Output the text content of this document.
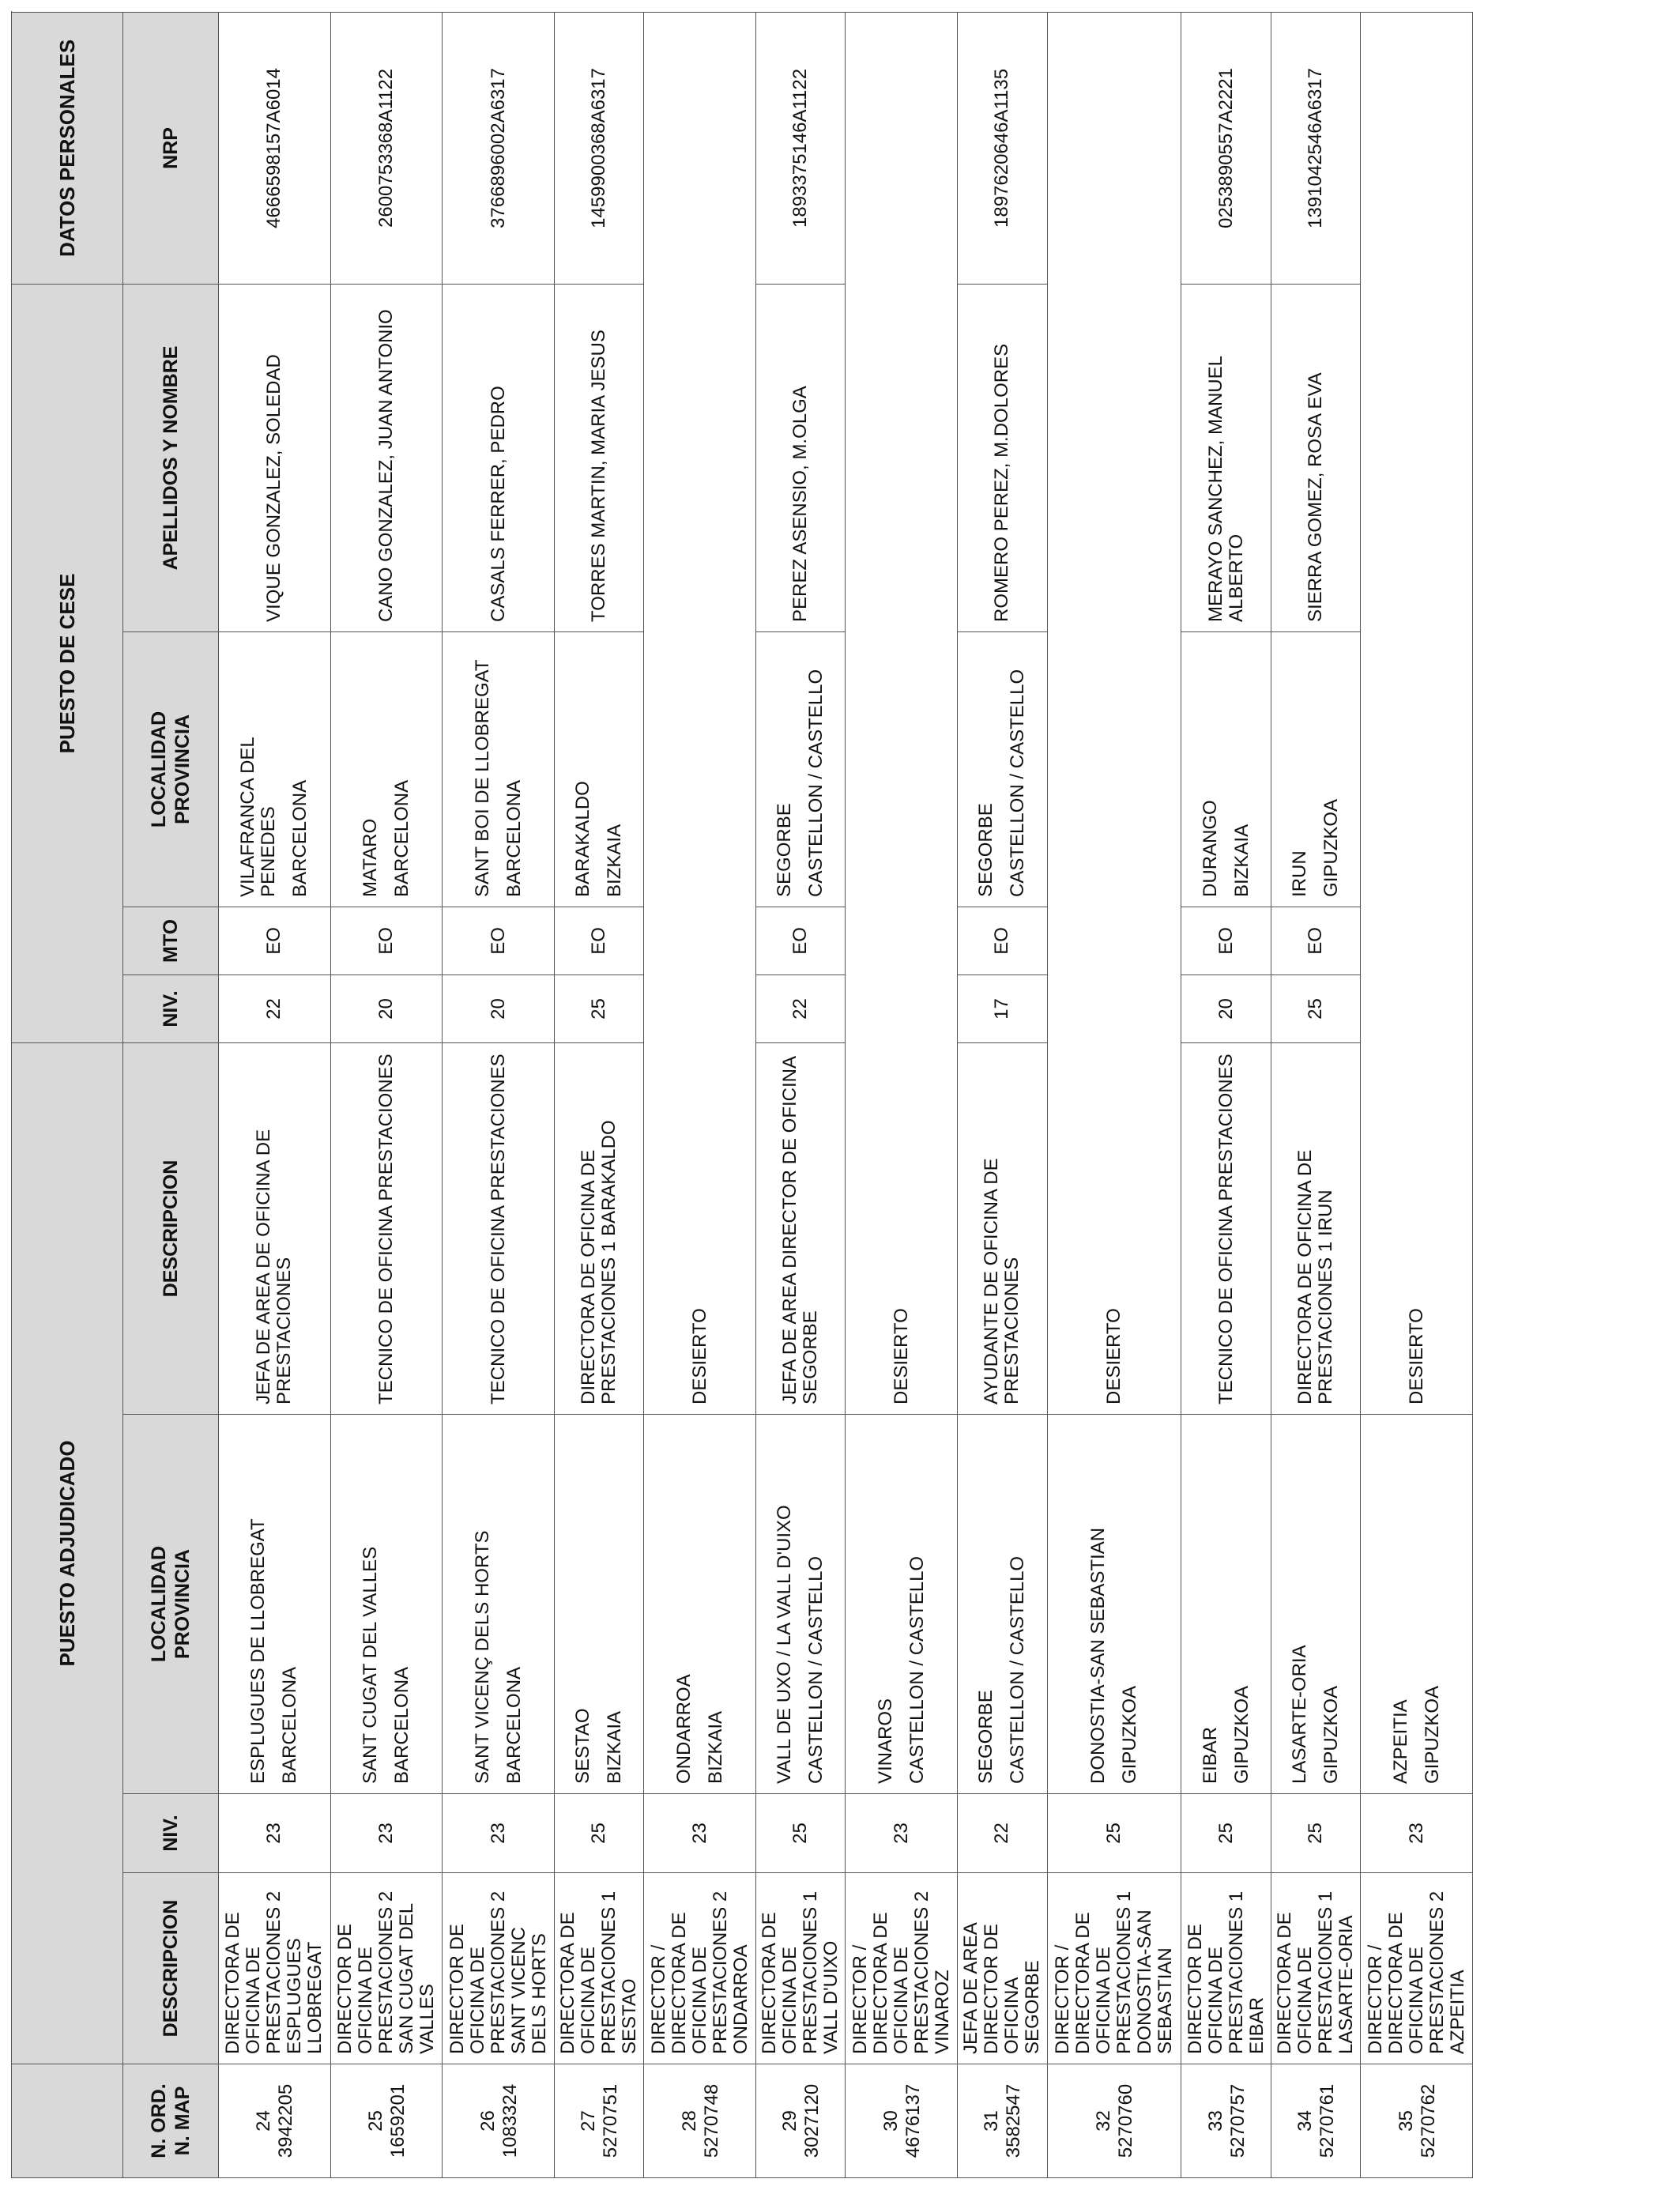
	PUESTO ADJUDICADO				PUESTO DE CESE				DATOS PERSONALES

N. ORD. N. MAP	DESCRIPCION	NIV.	LOCALIDAD PROVINCIA	DESCRIPCION	NIV.	MTO	LOCALIDAD PROVINCIA	APELLIDOS Y NOMBRE	NRP

24 3942205	DIRECTORA DE OFICINA DE PRESTACIONES 2 ESPLUGUES LLOBREGAT	23	ESPLUGUES DE LLOBREGAT BARCELONA	JEFA DE AREA DE OFICINA DE PRESTACIONES	22	EO	VILAFRANCA DEL PENEDES BARCELONA	VIQUE GONZALEZ, SOLEDAD	4666598157A6014

25 1659201	DIRECTOR DE OFICINA DE PRESTACIONES 2 SAN CUGAT DEL VALLES	23	SANT CUGAT DEL VALLES BARCELONA	TECNICO DE OFICINA PRESTACIONES	20	EO	MATARO BARCELONA	CANO GONZALEZ, JUAN ANTONIO	2600753368A1122

26 1083324	DIRECTOR DE OFICINA DE PRESTACIONES 2 SANT VICENC DELS HORTS	23	SANT VICENÇ DELS HORTS BARCELONA	TECNICO DE OFICINA PRESTACIONES	20	EO	SANT BOI DE LLOBREGAT BARCELONA	CASALS FERRER, PEDRO	3766896002A6317

27 5270751	DIRECTORA DE OFICINA DE PRESTACIONES 1 SESTAO	25	SESTAO BIZKAIA	DIRECTORA DE OFICINA DE PRESTACIONES 1 BARAKALDO	25	EO	BARAKALDO BIZKAIA	TORRES MARTIN, MARIA JESUS	1459900368A6317

28 5270748	DIRECTOR / DIRECTORA DE OFICINA DE PRESTACIONES 2 ONDARROA	23	ONDARROA BIZKAIA	DESIERTO					

29 3027120	DIRECTORA DE OFICINA DE PRESTACIONES 1 VALL D'UIXO	25	VALL DE UXO / LA VALL D'UIXO CASTELLON / CASTELLO	JEFA DE AREA DIRECTOR DE OFICINA SEGORBE	22	EO	SEGORBE CASTELLON / CASTELLO	PEREZ ASENSIO, M.OLGA	1893375146A1122

30 4676137	DIRECTOR / DIRECTORA DE OFICINA DE PRESTACIONES 2 VINAROZ	23	VINAROS CASTELLON / CASTELLO	DESIERTO					

31 3582547	JEFA DE AREA DIRECTOR DE OFICINA SEGORBE	22	SEGORBE CASTELLON / CASTELLO	AYUDANTE DE OFICINA DE PRESTACIONES	17	EO	SEGORBE CASTELLON / CASTELLO	ROMERO PEREZ, M.DOLORES	1897620646A1135

32 5270760	DIRECTOR / DIRECTORA DE OFICINA DE PRESTACIONES 1 DONOSTIA-SAN SEBASTIAN	25	DONOSTIA-SAN SEBASTIAN GIPUZKOA	DESIERTO					

33 5270757	DIRECTOR DE OFICINA DE PRESTACIONES 1 EIBAR	25	EIBAR GIPUZKOA	TECNICO DE OFICINA PRESTACIONES	20	EO	DURANGO BIZKAIA	MERAYO SANCHEZ, MANUEL ALBERTO	0253890557A2221

34 5270761	DIRECTORA DE OFICINA DE PRESTACIONES 1 LASARTE-ORIA	25	LASARTE-ORIA GIPUZKOA	DIRECTORA DE OFICINA DE PRESTACIONES 1 IRUN	25	EO	IRUN GIPUZKOA	SIERRA GOMEZ, ROSA EVA	1391042546A6317

35 5270762	DIRECTOR / DIRECTORA DE OFICINA DE PRESTACIONES 2 AZPEITIA	23	AZPEITIA GIPUZKOA	DESIERTO					
